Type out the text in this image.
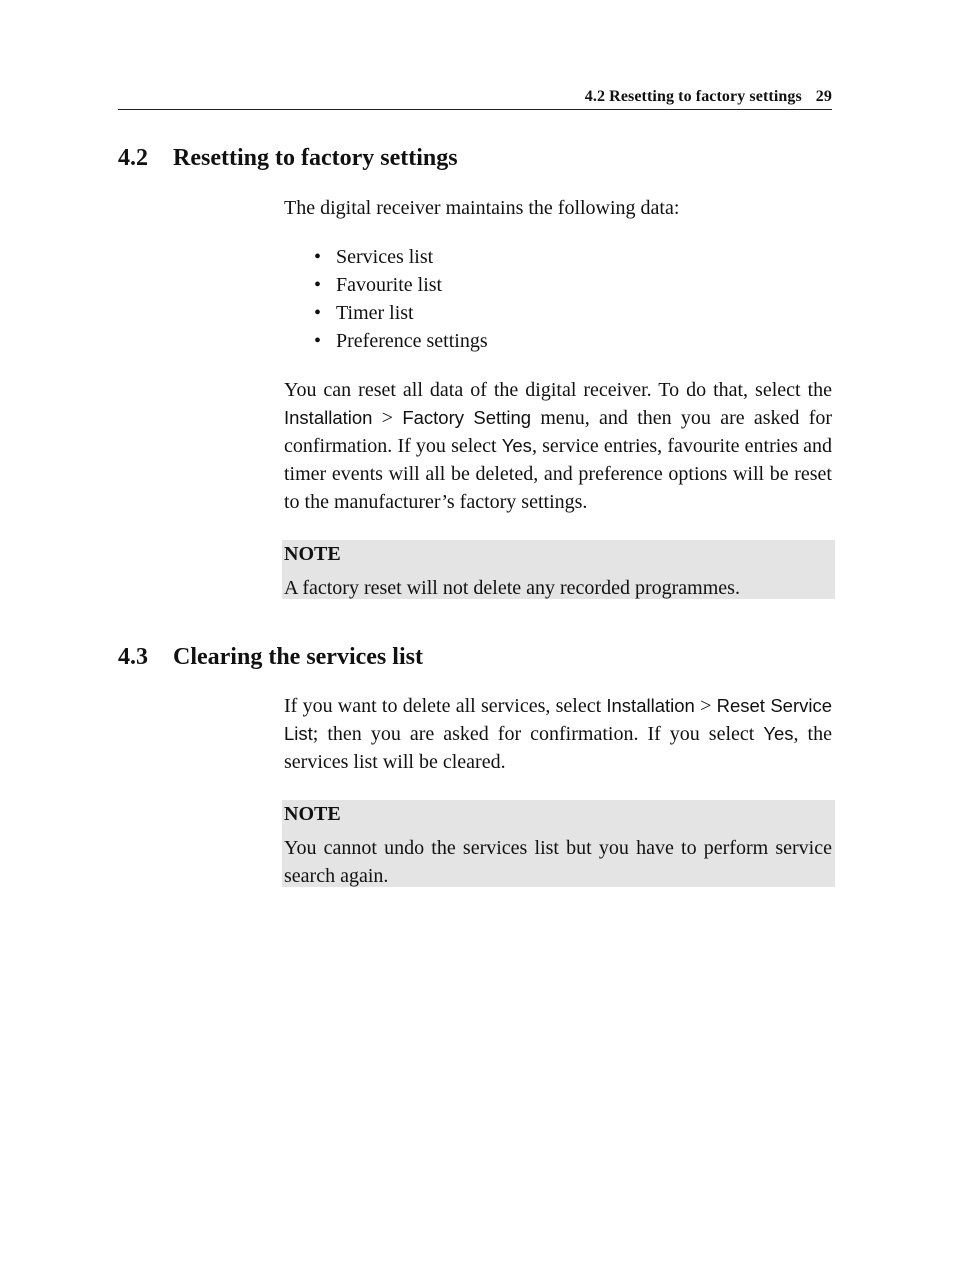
4.2 Resetting to factory settings 29
4.2 Resetting to factory settings

The digital receiver maintains the following data:

• Services list
• Favourite list
• Timer list
• Preference settings

You can reset all data of the digital receiver. To do that, select the Installation > Factory Setting menu, and then you are asked for confirmation. If you select Yes, service entries, favourite entries and timer events will all be deleted, and preference options will be reset to the manufacturer’s factory settings.

NOTE
A factory reset will not delete any recorded programmes.
4.3 Clearing the services list

If you want to delete all services, select Installation > Reset Service List; then you are asked for confirmation. If you select Yes, the services list will be cleared.

NOTE
You cannot undo the services list but you have to perform service search again.
